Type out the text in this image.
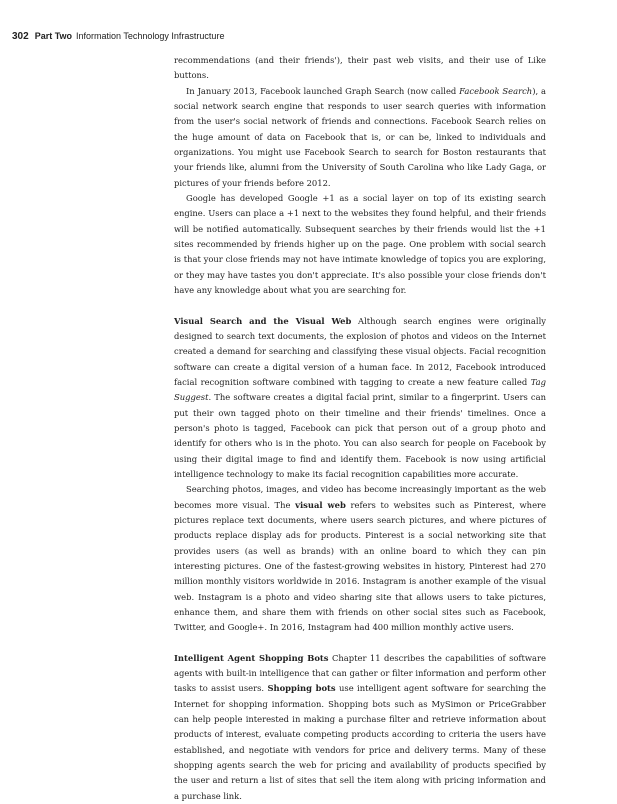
302 Part Two Information Technology Infrastructure

recommendations (and their friends'), their past web visits, and their use of Like buttons.

In January 2013, Facebook launched Graph Search (now called Facebook Search), a social network search engine that responds to user search queries with information from the user's social network of friends and connections. Facebook Search relies on the huge amount of data on Facebook that is, or can be, linked to individuals and organizations. You might use Facebook Search to search for Boston restaurants that your friends like, alumni from the University of South Carolina who like Lady Gaga, or pictures of your friends before 2012.

Google has developed Google +1 as a social layer on top of its existing search engine. Users can place a +1 next to the websites they found helpful, and their friends will be notified automatically. Subsequent searches by their friends would list the +1 sites recommended by friends higher up on the page. One problem with social search is that your close friends may not have intimate knowledge of topics you are exploring, or they may have tastes you don't appreciate. It's also possible your close friends don't have any knowledge about what you are searching for.

Visual Search and the Visual Web Although search engines were originally designed to search text documents, the explosion of photos and videos on the Internet created a demand for searching and classifying these visual objects. Facial recognition software can create a digital version of a human face. In 2012, Facebook introduced facial recognition software combined with tagging to create a new feature called Tag Suggest. The software creates a digital facial print, similar to a fingerprint. Users can put their own tagged photo on their timeline and their friends' timelines. Once a person's photo is tagged, Facebook can pick that person out of a group photo and identify for others who is in the photo. You can also search for people on Facebook by using their digital image to find and identify them. Facebook is now using artificial intelligence technology to make its facial recognition capabilities more accurate.

Searching photos, images, and video has become increasingly important as the web becomes more visual. The visual web refers to websites such as Pinterest, where pictures replace text documents, where users search pictures, and where pictures of products replace display ads for products. Pinterest is a social networking site that provides users (as well as brands) with an online board to which they can pin interesting pictures. One of the fastest-growing websites in history, Pinterest had 270 million monthly visitors worldwide in 2016. Instagram is another example of the visual web. Instagram is a photo and video sharing site that allows users to take pictures, enhance them, and share them with friends on other social sites such as Facebook, Twitter, and Google+. In 2016, Instagram had 400 million monthly active users.

Intelligent Agent Shopping Bots Chapter 11 describes the capabilities of software agents with built-in intelligence that can gather or filter information and perform other tasks to assist users. Shopping bots use intelligent agent software for searching the Internet for shopping information. Shopping bots such as MySimon or PriceGrabber can help people interested in making a purchase filter and retrieve information about products of interest, evaluate competing products according to criteria the users have established, and negotiate with vendors for price and delivery terms. Many of these shopping agents search the web for pricing and availability of products specified by the user and return a list of sites that sell the item along with pricing information and a purchase link.
